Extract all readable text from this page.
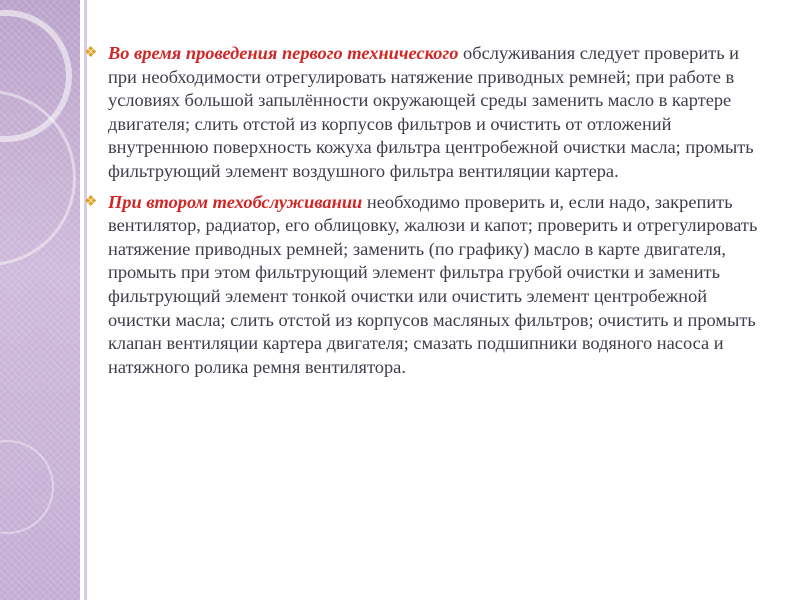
❖ Во время проведения первого технического обслуживания следует проверить и при необходимости отрегулировать натяжение приводных ремней; при работе в условиях большой запылённости окружающей среды заменить масло в картере двигателя; слить отстой из корпусов фильтров и очистить от отложений внутреннюю поверхность кожуха фильтра центробежной очистки масла; промыть фильтрующий элемент воздушного фильтра вентиляции картера.

❖ При втором техобслуживании необходимо проверить и, если надо, закрепить вентилятор, радиатор, его облицовку, жалюзи и капот; проверить и отрегулировать натяжение приводных ремней; заменить (по графику) масло в карте двигателя, промыть при этом фильтрующий элемент фильтра грубой очистки и заменить фильтрующий элемент тонкой очистки или очистить элемент центробежной очистки масла; слить отстой из корпусов масляных фильтров; очистить и промыть клапан вентиляции картера двигателя; смазать подшипники водяного насоса и натяжного ролика ремня вентилятора.
